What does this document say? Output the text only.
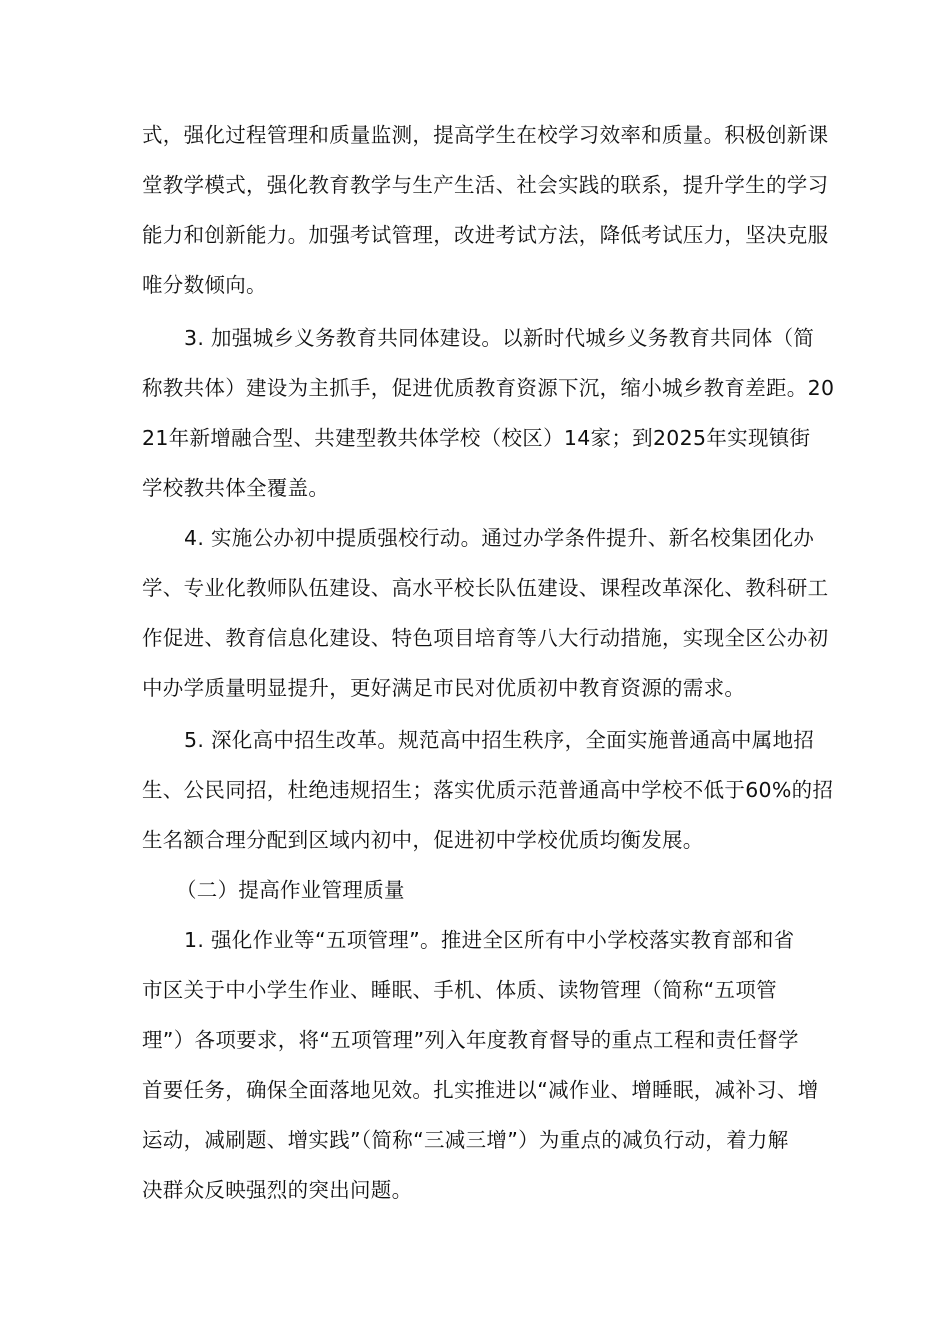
式，强化过程管理和质量监测，提高学生在校学习效率和质量。积极创新课
堂教学模式，强化教育教学与生产生活、社会实践的联系，提升学生的学习
能力和创新能力。加强考试管理，改进考试方法，降低考试压力，坚决克服
唯分数倾向。
3. 加强城乡义务教育共同体建设。以新时代城乡义务教育共同体（简
称教共体）建设为主抓手，促进优质教育资源下沉，缩小城乡教育差距。20
21年新增融合型、共建型教共体学校（校区）14家；到2025年实现镇街
学校教共体全覆盖。
4. 实施公办初中提质强校行动。通过办学条件提升、新名校集团化办
学、专业化教师队伍建设、高水平校长队伍建设、课程改革深化、教科研工
作促进、教育信息化建设、特色项目培育等八大行动措施，实现全区公办初
中办学质量明显提升，更好满足市民对优质初中教育资源的需求。
5. 深化高中招生改革。规范高中招生秩序，全面实施普通高中属地招
生、公民同招，杜绝违规招生；落实优质示范普通高中学校不低于60%的招
生名额合理分配到区域内初中，促进初中学校优质均衡发展。
（二）提高作业管理质量
1. 强化作业等“五项管理”。推进全区所有中小学校落实教育部和省
市区关于中小学生作业、睡眠、手机、体质、读物管理（简称“五项管
理”）各项要求，将“五项管理”列入年度教育督导的重点工程和责任督学
首要任务，确保全面落地见效。扎实推进以“减作业、增睡眠，减补习、增
运动，减刷题、增实践”（简称“三减三增”）为重点的减负行动，着力解
决群众反映强烈的突出问题。
